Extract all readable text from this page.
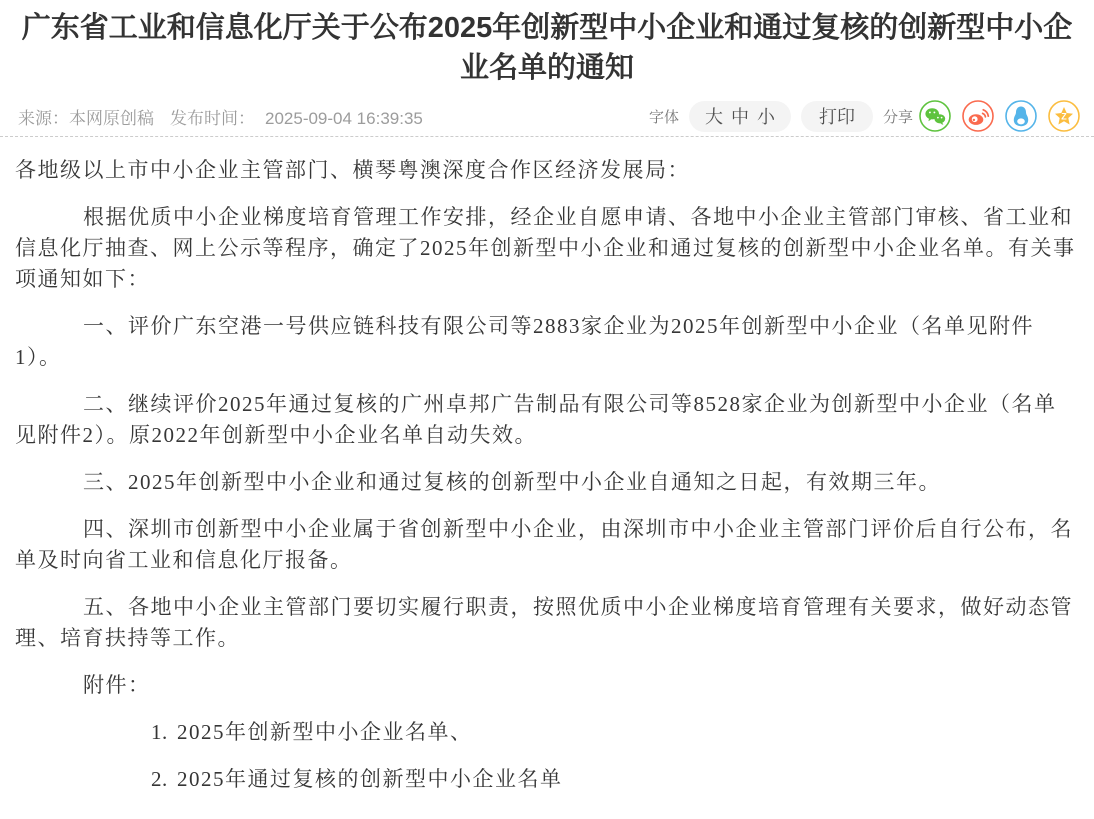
广东省工业和信息化厅关于公布2025年创新型中小企业和通过复核的创新型中小企业名单的通知
来源：本网原创稿 发布时间： 2025-09-04 16:39:35	字体 大 中 小	打印	分享	Z

各地级以上市中小企业主管部门、横琴粤澳深度合作区经济发展局：

根据优质中小企业梯度培育管理工作安排，经企业自愿申请、各地中小企业主管部门审核、省工业和信息化厅抽查、网上公示等程序，确定了2025年创新型中小企业和通过复核的创新型中小企业名单。有关事项通知如下：

一、评价广东空港一号供应链科技有限公司等2883家企业为2025年创新型中小企业（名单见附件1）。

二、继续评价2025年通过复核的广州卓邦广告制品有限公司等8528家企业为创新型中小企业（名单见附件2）。原2022年创新型中小企业名单自动失效。

三、2025年创新型中小企业和通过复核的创新型中小企业自通知之日起，有效期三年。

四、深圳市创新型中小企业属于省创新型中小企业，由深圳市中小企业主管部门评价后自行公布，名单及时向省工业和信息化厅报备。

五、各地中小企业主管部门要切实履行职责，按照优质中小企业梯度培育管理有关要求，做好动态管理、培育扶持等工作。

附件：

1. 2025年创新型中小企业名单、

2. 2025年通过复核的创新型中小企业名单
